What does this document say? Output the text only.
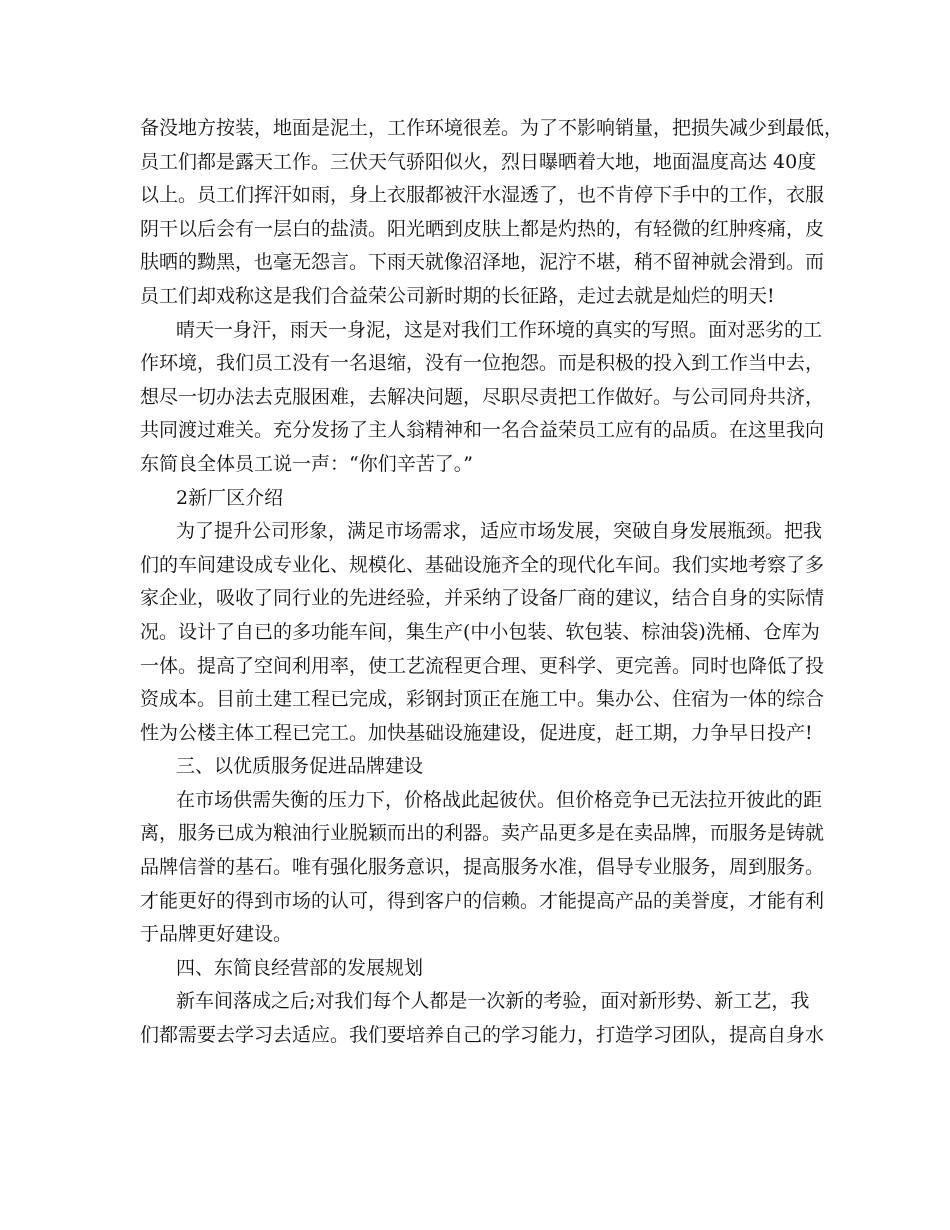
备没地方按装，地面是泥土，工作环境很差。为了不影响销量，把损失减少到最低，
员工们都是露天工作。三伏天气骄阳似火，烈日曝晒着大地，地面温度高达 40度
以上。员工们挥汗如雨，身上衣服都被汗水湿透了，也不肯停下手中的工作，衣服
阴干以后会有一层白的盐渍。阳光晒到皮肤上都是灼热的，有轻微的红肿疼痛，皮
肤晒的黝黑，也毫无怨言。下雨天就像沼泽地，泥泞不堪，稍不留神就会滑到。而
员工们却戏称这是我们合益荣公司新时期的长征路，走过去就是灿烂的明天!
晴天一身汗，雨天一身泥，这是对我们工作环境的真实的写照。面对恶劣的工
作环境，我们员工没有一名退缩，没有一位抱怨。而是积极的投入到工作当中去，
想尽一切办法去克服困难，去解决问题，尽职尽责把工作做好。与公司同舟共济，
共同渡过难关。充分发扬了主人翁精神和一名合益荣员工应有的品质。在这里我向
东简良全体员工说一声：“你们辛苦了。”
2新厂区介绍
为了提升公司形象，满足市场需求，适应市场发展，突破自身发展瓶颈。把我
们的车间建设成专业化、规模化、基础设施齐全的现代化车间。我们实地考察了多
家企业，吸收了同行业的先进经验，并采纳了设备厂商的建议，结合自身的实际情
况。设计了自已的多功能车间，集生产(中小包装、软包装、棕油袋)洗桶、仓库为
一体。提高了空间利用率，使工艺流程更合理、更科学、更完善。同时也降低了投
资成本。目前土建工程已完成，彩钢封顶正在施工中。集办公、住宿为一体的综合
性为公楼主体工程已完工。加快基础设施建设，促进度，赶工期，力争早日投产!
三、以优质服务促进品牌建设
在市场供需失衡的压力下，价格战此起彼伏。但价格竞争已无法拉开彼此的距
离，服务已成为粮油行业脱颖而出的利器。卖产品更多是在卖品牌，而服务是铸就
品牌信誉的基石。唯有强化服务意识，提高服务水准，倡导专业服务，周到服务。
才能更好的得到市场的认可，得到客户的信赖。才能提高产品的美誉度，才能有利
于品牌更好建设。
四、东简良经营部的发展规划
新车间落成之后;对我们每个人都是一次新的考验，面对新形势、新工艺，我
们都需要去学习去适应。我们要培养自己的学习能力，打造学习团队，提高自身水
